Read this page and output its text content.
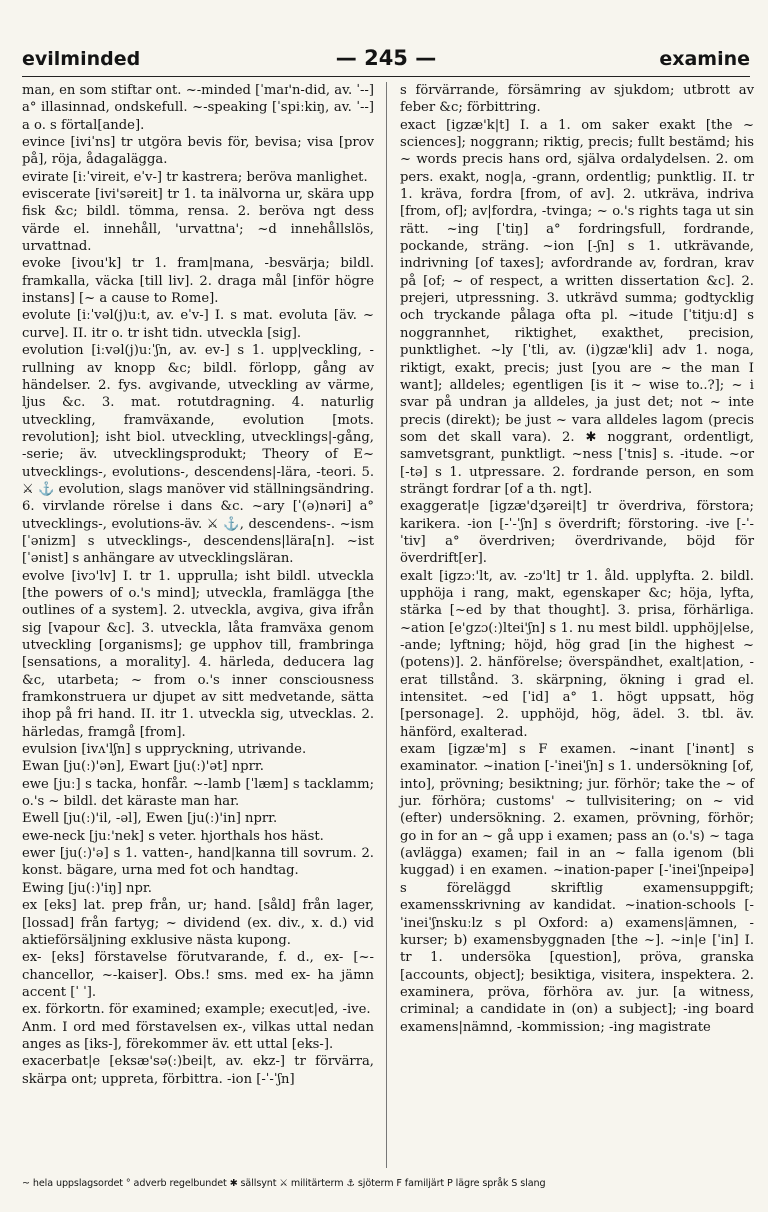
evilminded	— 245 —	examine

man, en som stiftar ont. ~-minded [ˈmaɪ'n-did, av. ˈ--] a° illasinnad, ondskefull. ~-speaking [ˈspiːkiŋ, av. ˈ--] a o. s förtal[ande].

evince [iviˈns] tr utgöra bevis för, bevisa; visa [prov på], röja, ådagalägga.

evirate [iːˈvireit, eˈv-] tr kastrera; beröva manlighet.

eviscerate [ivi'səreit] tr 1. ta inälvorna ur, skära upp fisk &c; bildl. tömma, rensa. 2. beröva ngt dess värde el. innehåll, 'urvattna'; ~d innehållslös, urvattnad.

evoke [ivou'k] tr 1. fram|mana, -besvärja; bildl. framkalla, väcka [till liv]. 2. draga mål [inför högre instans] [~ a cause to Rome].

evolute [iːˈvəl(j)uːt, av. eˈv-] I. s mat. evoluta [äv. ~ curve]. II. itr o. tr isht tidn. utveckla [sig].

evolution [iːvəl(j)uːˈʃn, av. ev-] s 1. upp|veckling, -rullning av knopp &c; bildl. förlopp, gång av händelser. 2. fys. avgivande, utveckling av värme, ljus &c. 3. mat. rotutdragning. 4. naturlig utveckling, framväxande, evolution [mots. revolution]; isht biol. utveckling, utvecklings|-gång, -serie; äv. utvecklingsprodukt; Theory of E~ utvecklings-, evolutions-, descendens|-lära, -teori. 5. ⚔ ⚓ evolution, slags manöver vid ställningsändring. 6. virvlande rörelse i dans &c. ~ary [ˈ(ə)nəri] a° utvecklings-, evolutions-äv. ⚔ ⚓, descendens-. ~ism [ˈənizm] s utvecklings-, descendens|lära[n]. ~ist [ˈənist] s anhängare av utvecklingsläran.

evolve [ivɔ'lv] I. tr 1. upprulla; isht bildl. utveckla [the powers of o.'s mind]; utveckla, framlägga [the outlines of a system]. 2. utveckla, avgiva, giva ifrån sig [vapour &c]. 3. utveckla, låta framväxa genom utveckling [organisms]; ge upphov till, frambringa [sensations, a morality]. 4. härleda, deducera lag &c, utarbeta; ~ from o.'s inner consciousness framkonstruera ur djupet av sitt medvetande, sätta ihop på fri hand. II. itr 1. utveckla sig, utvecklas. 2. härledas, framgå [from].

evulsion [ivʌ'lʃn] s uppryckning, utrivande.

Ewan [ju(ː)'ən], Ewart [ju(ː)'ət] nprr.

ewe [juː] s tacka, honfår. ~-lamb [ˈlæm] s tacklamm; o.'s ~ bildl. det käraste man har.

Ewell [ju(ː)'il, -əl], Ewen [ju(ː)'in] nprr.

ewe-neck [juː'nek] s veter. hjorthals hos häst.

ewer [ju(ː)'ə] s 1. vatten-, hand|kanna till sovrum. 2. konst. bägare, urna med fot och handtag.

Ewing [ju(ː)'iŋ] npr.

ex [eks] lat. prep från, ur; hand. [såld] från lager, [lossad] från fartyg; ~ dividend (ex. div., x. d.) vid aktieförsäljning exklusive nästa kupong.

ex- [eks] förstavelse förutvarande, f. d., ex- [~-chancellor, ~-kaiser]. Obs.! sms. med ex- ha jämn accent [ˈ ˈ].

ex. förkortn. för examined; example; execut|ed, -ive.

Anm. I ord med förstavelsen ex-, vilkas uttal nedan anges as [iks-], förekommer äv. ett uttal [eks-].

exacerbat|e [eksæ'sə(ː)bei|t, av. ekz-] tr förvärra, skärpa ont; uppreta, förbittra. -ion [-ˈ-ˈʃn]

s förvärrande, försämring av sjukdom; utbrott av feber &c; förbittring.

exact [igzæ'k|t] I. a 1. om saker exakt [the ~ sciences]; noggrann; riktig, precis; fullt bestämd; his ~ words precis hans ord, själva ordalydelsen. 2. om pers. exakt, nog|a, -grann, ordentlig; punktlig. II. tr 1. kräva, fordra [from, of av]. 2. utkräva, indriva [from, of]; av|fordra, -tvinga; ~ o.'s rights taga ut sin rätt. ~ing [ˈtiŋ] a° fordringsfull, fordrande, pockande, sträng. ~ion [-ʃn] s 1. utkrävande, indrivning [of taxes]; avfordrande av, fordran, krav på [of; ~ of respect, a written dissertation &c]. 2. prejeri, utpressning. 3. utkrävd summa; godtycklig och tryckande pålaga ofta pl. ~itude [ˈtitjuːd] s noggrannhet, riktighet, exakthet, precision, punktlighet. ~ly [ˈtli, av. (i)gzæ'kli] adv 1. noga, riktigt, exakt, precis; just [you are ~ the man I want]; alldeles; egentligen [is it ~ wise to..?]; ~ i svar på undran ja alldeles, ja just det; not ~ inte precis (direkt); be just ~ vara alldeles lagom (precis som det skall vara). 2. ✱ noggrant, ordentligt, samvetsgrant, punktligt. ~ness [ˈtnis] s. -itude. ~or [-tə] s 1. utpressare. 2. fordrande person, en som strängt fordrar [of a th. ngt].

exaggerat|e [igzæ'dʒərei|t] tr överdriva, förstora; karikera. -ion [-ˈ-ˈʃn] s överdrift; förstoring. -ive [-ˈ-ˈtiv] a° överdriven; överdrivande, böjd för överdrift[er].

exalt [igzɔː'lt, av. -zɔ'lt] tr 1. åld. upplyfta. 2. bildl. upphöja i rang, makt, egenskaper &c; höja, lyfta, stärka [~ed by that thought]. 3. prisa, förhärliga. ~ation [e'gzɔ(ː)ltei'ʃn] s 1. nu mest bildl. upphöj|else, -ande; lyftning; höjd, hög grad [in the highest ~ (potens)]. 2. hänförelse; överspändhet, exalt|ation, -erat tillstånd. 3. skärpning, ökning i grad el. intensitet. ~ed [ˈid] a° 1. högt uppsatt, hög [personage]. 2. upphöjd, hög, ädel. 3. tbl. äv. hänförd, exalterad.

exam [igzæ'm] s F examen. ~inant [ˈinənt] s examinator. ~ination [-ˈineiˈʃn] s 1. undersökning [of, into], prövning; besiktning; jur. förhör; take the ~ of jur. förhöra; customs' ~ tullvisitering; on ~ vid (efter) undersökning. 2. examen, prövning, förhör; go in for an ~ gå upp i examen; pass an (o.'s) ~ taga (avlägga) examen; fail in an ~ falla igenom (bli kuggad) i en examen. ~ination-paper [-ˈineiˈʃnpeipə] s föreläggd skriftlig examensuppgift; examensskrivning av kandidat. ~ination-schools [-ˈineiˈʃnskuːlz s pl Oxford: a) examens|ämnen, -kurser; b) examensbyggnaden [the ~]. ~in|e [ˈin] I. tr 1. undersöka [question], pröva, granska [accounts, object]; besiktiga, visitera, inspektera. 2. examinera, pröva, förhöra av. jur. [a witness, criminal; a candidate in (on) a subject]; -ing board examens|nämnd, -kommission; -ing magistrate

~ hela uppslagsordet ° adverb regelbundet ✱ sällsynt ⚔ militärterm ⚓ sjöterm F familjärt P lägre språk S slang
